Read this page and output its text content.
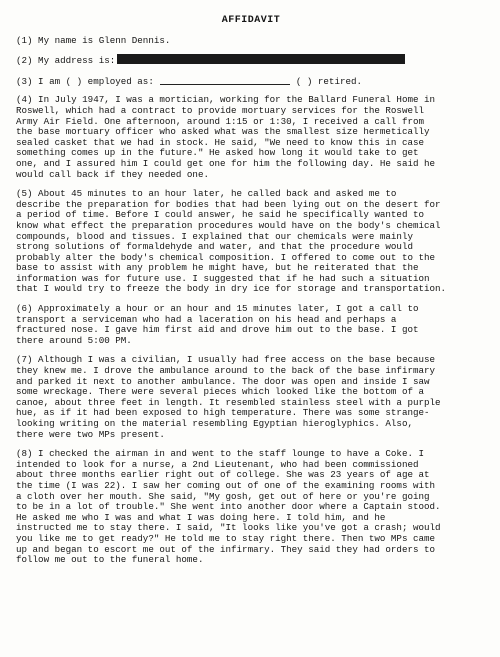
AFFIDAVIT
(1) My name is Glenn Dennis.
(2) My address is:
(3) I am ( ) employed as:	( ) retired.
(4) In July 1947, I was a mortician, working for the Ballard Funeral Home in
Roswell, which had a contract to provide mortuary services for the Roswell
Army Air Field. One afternoon, around 1:15 or 1:30, I received a call from
the base mortuary officer who asked what was the smallest size hermetically
sealed casket that we had in stock. He said, "We need to know this in case
something comes up in the future." He asked how long it would take to get
one, and I assured him I could get one for him the following day. He said he
would call back if they needed one.
(5) About 45 minutes to an hour later, he called back and asked me to
describe the preparation for bodies that had been lying out on the desert for
a period of time. Before I could answer, he said he specifically wanted to
know what effect the preparation procedures would have on the body's chemical
compounds, blood and tissues. I explained that our chemicals were mainly
strong solutions of formaldehyde and water, and that the procedure would
probably alter the body's chemical composition. I offered to come out to the
base to assist with any problem he might have, but he reiterated that the
information was for future use. I suggested that if he had such a situation
that I would try to freeze the body in dry ice for storage and transportation.
(6) Approximately a hour or an hour and 15 minutes later, I got a call to
transport a serviceman who had a laceration on his head and perhaps a
fractured nose. I gave him first aid and drove him out to the base. I got
there around 5:00 PM.
(7) Although I was a civilian, I usually had free access on the base because
they knew me. I drove the ambulance around to the back of the base infirmary
and parked it next to another ambulance. The door was open and inside I saw
some wreckage. There were several pieces which looked like the bottom of a
canoe, about three feet in length. It resembled stainless steel with a purple
hue, as if it had been exposed to high temperature. There was some strange-
looking writing on the material resembling Egyptian hieroglyphics. Also,
there were two MPs present.
(8) I checked the airman in and went to the staff lounge to have a Coke. I
intended to look for a nurse, a 2nd Lieutenant, who had been commissioned
about three months earlier right out of college. She was 23 years of age at
the time (I was 22). I saw her coming out of one of the examining rooms with
a cloth over her mouth. She said, "My gosh, get out of here or you're going
to be in a lot of trouble." She went into another door where a Captain stood.
He asked me who I was and what I was doing here. I told him, and he
instructed me to stay there. I said, "It looks like you've got a crash; would
you like me to get ready?" He told me to stay right there. Then two MPs came
up and began to escort me out of the infirmary. They said they had orders to
follow me out to the funeral home.
